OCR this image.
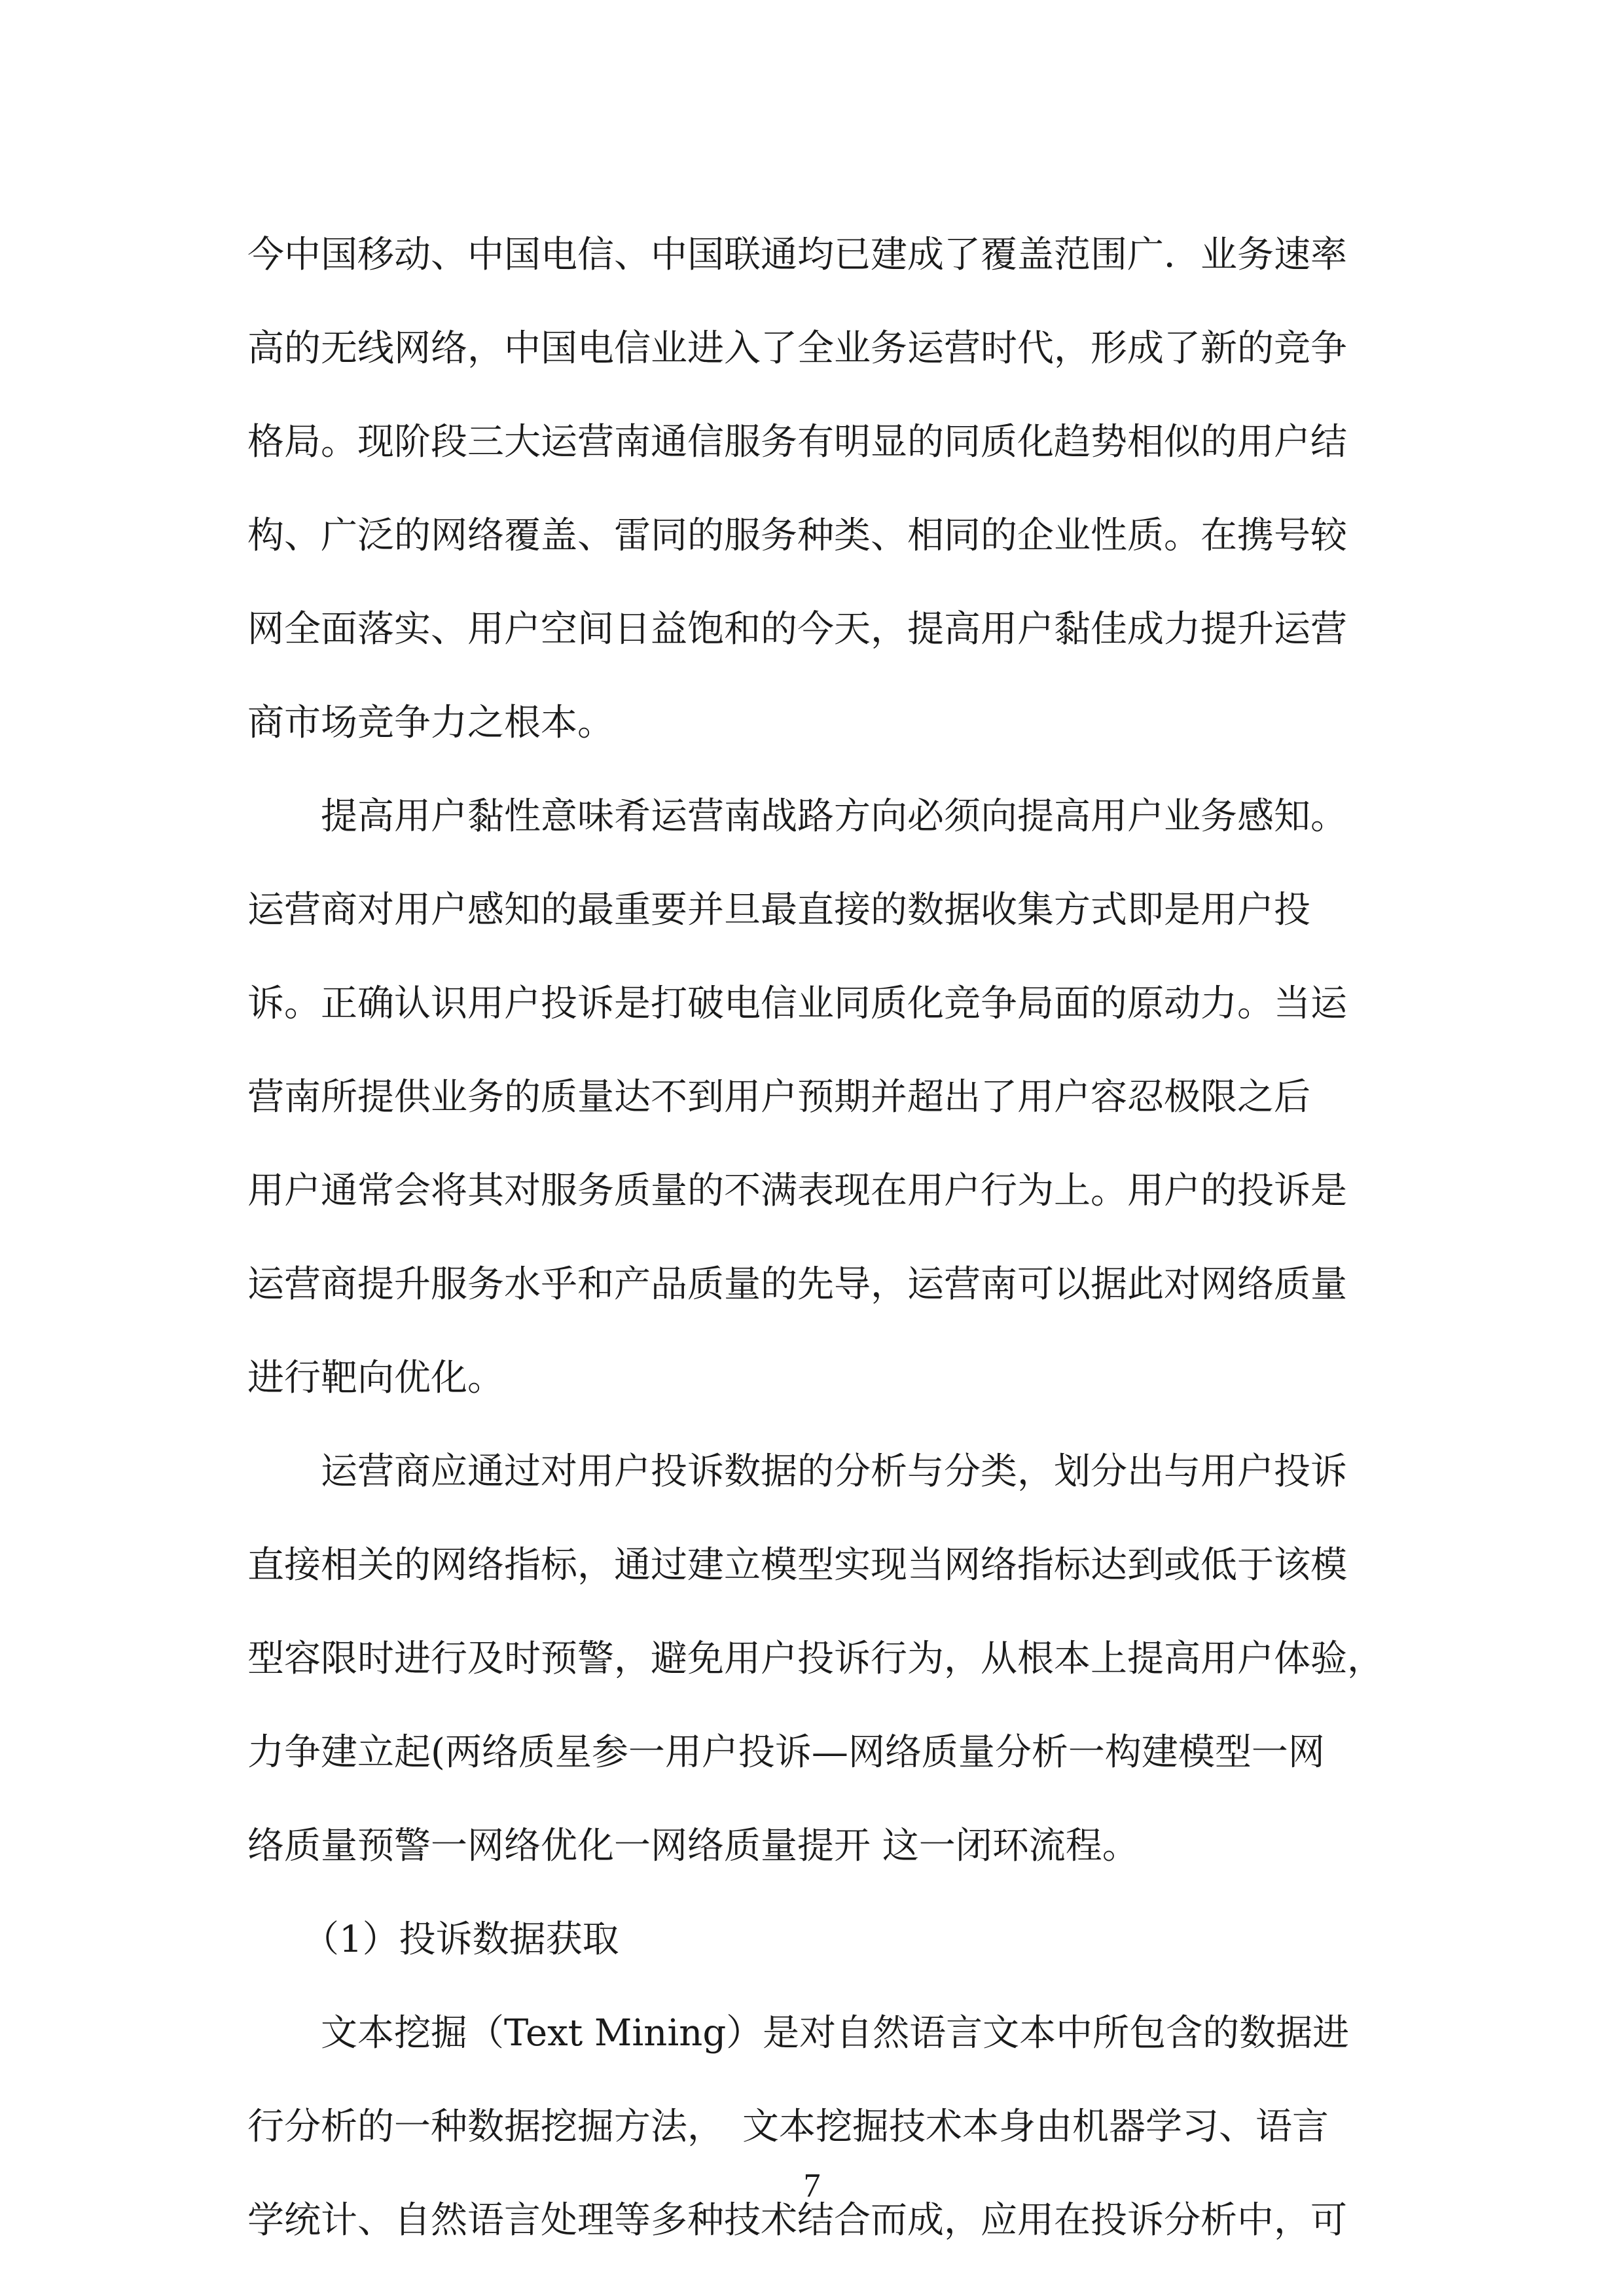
今中国移动、中国电信、中国联通均已建成了覆盖范围广．业务速率
高的无线网络，中国电信业进入了全业务运营时代，形成了新的竞争
格局。现阶段三大运营南通信服务有明显的同质化趋势相似的用户结
构、广泛的网络覆盖、雷同的服务种类、相同的企业性质。在携号较
网全面落实、用户空间日益饱和的今天，提高用户黏佳成力提升运营
商市场竞争力之根本。
　　提高用户黏性意味肴运营南战路方向必须向提高用户业务感知。
运营商对用户感知的最重要并旦最直接的数据收集方式即是用户投
诉。正确认识用户投诉是打破电信业同质化竞争局面的原动力。当运
营南所提供业务的质量达不到用户预期并超出了用户容忍极限之后
用户通常会将其对服务质量的不满表现在用户行为上。用户的投诉是
运营商提升服务水乎和产品质量的先导，运营南可以据此对网络质量
进行靶向优化。
　　运营商应通过对用户投诉数据的分析与分类，划分出与用户投诉
直接相关的网络指标，通过建立模型实现当网络指标达到或低于该模
型容限时进行及时预警，避免用户投诉行为，从根本上提高用户体验，
力争建立起(两络质星参一用户投诉—网络质量分析一构建模型一网
络质量预警一网络优化一网络质量提开 这一闭环流程。
　　（1）投诉数据获取
　　文本挖掘（Text Mining）是对自然语言文本中所包含的数据进
行分析的一种数据挖掘方法，　文本挖掘技术本身由机器学习、语言
学统计、自然语言处理等多种技术结合而成，应用在投诉分析中，可
7
